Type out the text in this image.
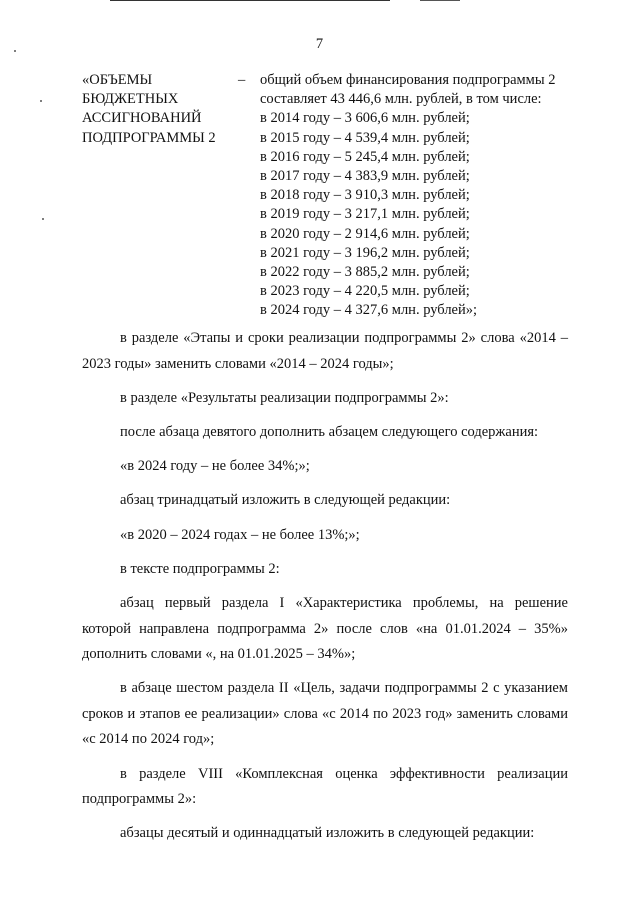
7
«ОБЪЕМЫ
БЮДЖЕТНЫХ
АССИГНОВАНИЙ
ПОДПРОГРАММЫ 2
– общий объем финансирования подпрограммы 2
составляет 43 446,6 млн. рублей, в том числе:
в 2014 году – 3 606,6 млн. рублей;
в 2015 году – 4 539,4 млн. рублей;
в 2016 году – 5 245,4 млн. рублей;
в 2017 году – 4 383,9 млн. рублей;
в 2018 году – 3 910,3 млн. рублей;
в 2019 году – 3 217,1 млн. рублей;
в 2020 году – 2 914,6 млн. рублей;
в 2021 году – 3 196,2 млн. рублей;
в 2022 году – 3 885,2 млн. рублей;
в 2023 году – 4 220,5 млн. рублей;
в 2024 году – 4 327,6 млн. рублей»;

в разделе «Этапы и сроки реализации подпрограммы 2» слова «2014 – 2023 годы» заменить словами «2014 – 2024 годы»;

в разделе «Результаты реализации подпрограммы 2»:

после абзаца девятого дополнить абзацем следующего содержания:

«в 2024 году – не более 34%;»;

абзац тринадцатый изложить в следующей редакции:

«в 2020 – 2024 годах – не более 13%;»;

в тексте подпрограммы 2:

абзац первый раздела I «Характеристика проблемы, на решение которой направлена подпрограмма 2» после слов «на 01.01.2024 – 35%» дополнить словами «, на 01.01.2025 – 34%»;

в абзаце шестом раздела II «Цель, задачи подпрограммы 2 с указанием сроков и этапов ее реализации» слова «с 2014 по 2023 год» заменить словами «с 2014 по 2024 год»;

в разделе VIII «Комплексная оценка эффективности реализации подпрограммы 2»:

абзацы десятый и одиннадцатый изложить в следующей редакции:
